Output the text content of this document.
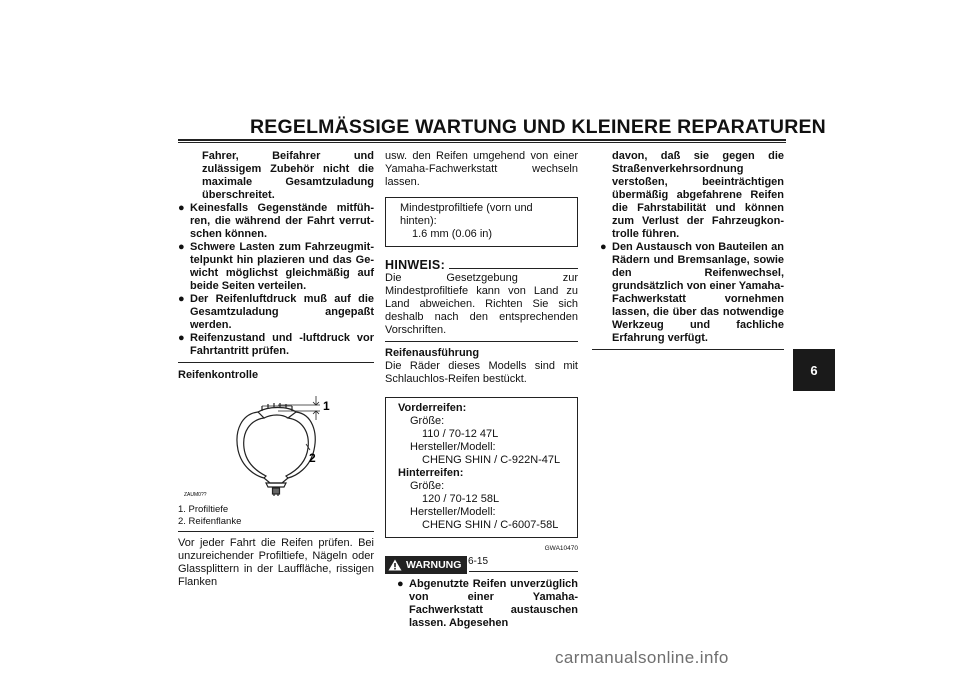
REGELMÄSSIGE WARTUNG UND KLEINERE REPARATUREN
Fahrer, Beifahrer und zulässigem Zubehör nicht die maximale Gesamtzuladung überschreitet.
● Keinesfalls Gegenstände mitführen, die während der Fahrt verrutschen können.
● Schwere Lasten zum Fahrzeugmittelpunkt hin plazieren und das Gewicht möglichst gleichmäßig auf beide Seiten verteilen.
● Der Reifenluftdruck muß auf die Gesamtzuladung angepaßt werden.
● Reifenzustand und -luftdruck vor Fahrtantritt prüfen.
Reifenkontrolle
1
2
ZAUM0??
1. Profiltiefe
2. Reifenflanke
Vor jeder Fahrt die Reifen prüfen. Bei unzureichender Profiltiefe, Nägeln oder Glassplittern in der Lauffläche, rissigen Flanken
usw. den Reifen umgehend von einer Yamaha-Fachwerkstatt wechseln lassen.
Mindestprofiltiefe (vorn und hinten):
1.6 mm (0.06 in)
HINWEIS:
Die Gesetzgebung zur Mindestprofiltiefe kann von Land zu Land abweichen. Richten Sie sich deshalb nach den entsprechenden Vorschriften.
Reifenausführung
Die Räder dieses Modells sind mit Schlauchlos-Reifen bestückt.
Vorderreifen:
Größe:
110 / 70-12 47L
Hersteller/Modell:
CHENG SHIN / C-922N-47L
Hinterreifen:
Größe:
120 / 70-12 58L
Hersteller/Modell:
CHENG SHIN / C-6007-58L
GWA10470
WARNUNG
● Abgenutzte Reifen unverzüglich von einer Yamaha-Fachwerkstatt austauschen lassen. Abgesehen
davon, daß sie gegen die Straßenverkehrsordnung verstoßen, beeinträchtigen übermäßig abgefahrene Reifen die Fahrstabilität und können zum Verlust der Fahrzeugkontrolle führen.
● Den Austausch von Bauteilen an Rädern und Bremsanlage, sowie den Reifenwechsel, grundsätzlich von einer Yamaha-Fachwerkstatt vornehmen lassen, die über das notwendige Werkzeug und fachliche Erfahrung verfügt.
6
6-15
carmanualsonline.info
